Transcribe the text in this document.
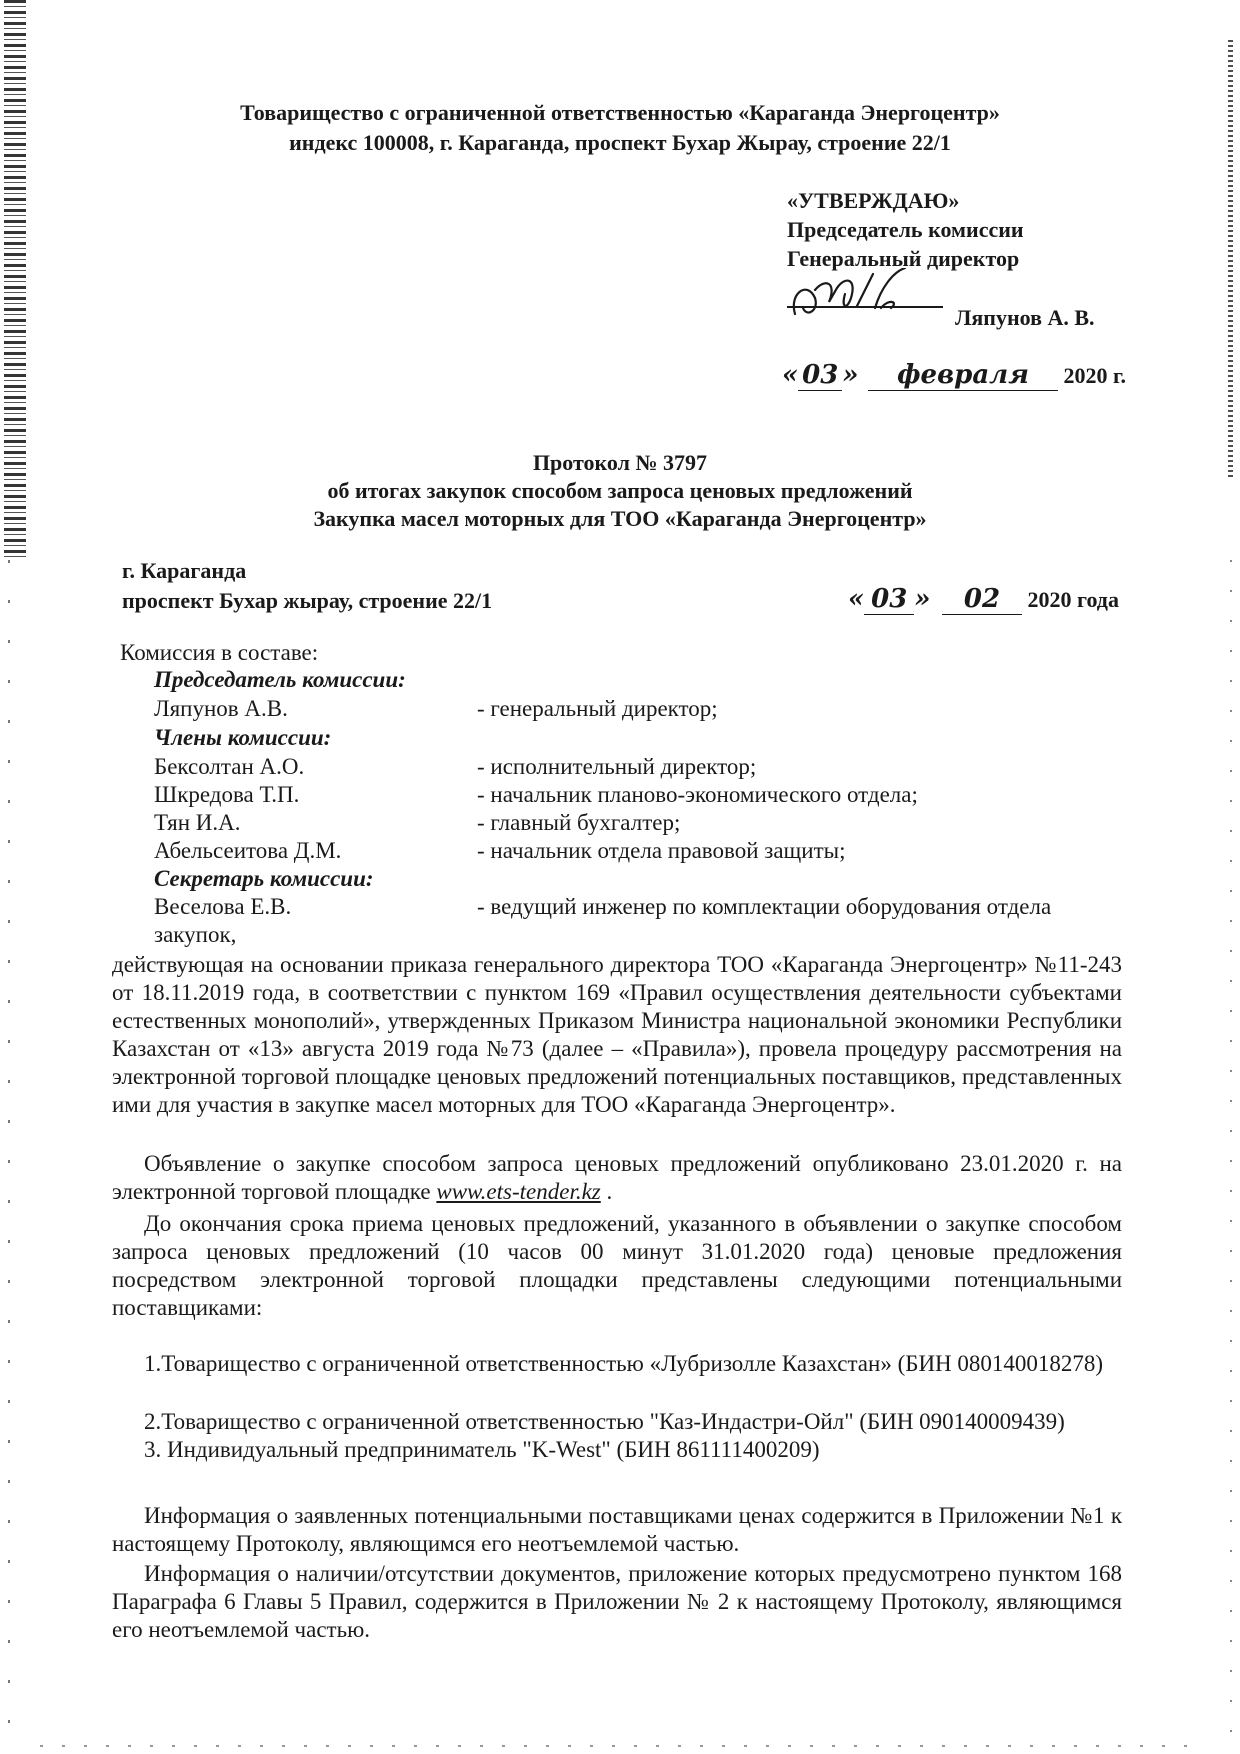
Товарищество с ограниченной ответственностью «Караганда Энергоцентр»
индекс 100008, г. Караганда, проспект Бухар Жырау, строение 22/1
«УТВЕРЖДАЮ»
Председатель комиссии
Генеральный директор
Ляпунов А. В.
« 03 » февраля 2020 г.
Протокол № 3797
об итогах закупок способом запроса ценовых предложений
Закупка масел моторных для ТОО «Караганда Энергоцентр»
г. Караганда
проспект Бухар жырау, строение 22/1	« 03 » 02 2020 года
Комиссия в составе:
Председатель комиссии:
Ляпунов А.В.	- генеральный директор;
Члены комиссии:
Бексолтан А.О.	- исполнительный директор;
Шкредова Т.П.	- начальник планово-экономического отдела;
Тян И.А.	- главный бухгалтер;
Абельсеитова Д.М.	- начальник отдела правовой защиты;
Секретарь комиссии:
Веселова Е.В.	- ведущий инженер по комплектации оборудования отдела
закупок,
действующая на основании приказа генерального директора ТОО «Караганда Энергоцентр» №11-243 от 18.11.2019 года, в соответствии с пунктом 169 «Правил осуществления деятельности субъектами естественных монополий», утвержденных Приказом Министра национальной экономики Республики Казахстан от «13» августа 2019 года №73 (далее – «Правила»), провела процедуру рассмотрения на электронной торговой площадке ценовых предложений потенциальных поставщиков, представленных ими для участия в закупке масел моторных для ТОО «Караганда Энергоцентр».
Объявление о закупке способом запроса ценовых предложений опубликовано 23.01.2020 г. на электронной торговой площадке www.ets-tender.kz .
До окончания срока приема ценовых предложений, указанного в объявлении о закупке способом запроса ценовых предложений (10 часов 00 минут 31.01.2020 года) ценовые предложения посредством электронной торговой площадки представлены следующими потенциальными поставщиками:
1.Товарищество с ограниченной ответственностью «Лубризолле Казахстан» (БИН 080140018278)
2.Товарищество с ограниченной ответственностью "Каз-Индастри-Ойл" (БИН 090140009439)
3. Индивидуальный предприниматель "K-West" (БИН 861111400209)
Информация о заявленных потенциальными поставщиками ценах содержится в Приложении №1 к настоящему Протоколу, являющимся его неотъемлемой частью.
Информация о наличии/отсутствии документов, приложение которых предусмотрено пунктом 168 Параграфа 6 Главы 5 Правил, содержится в Приложении № 2 к настоящему Протоколу, являющимся его неотъемлемой частью.
